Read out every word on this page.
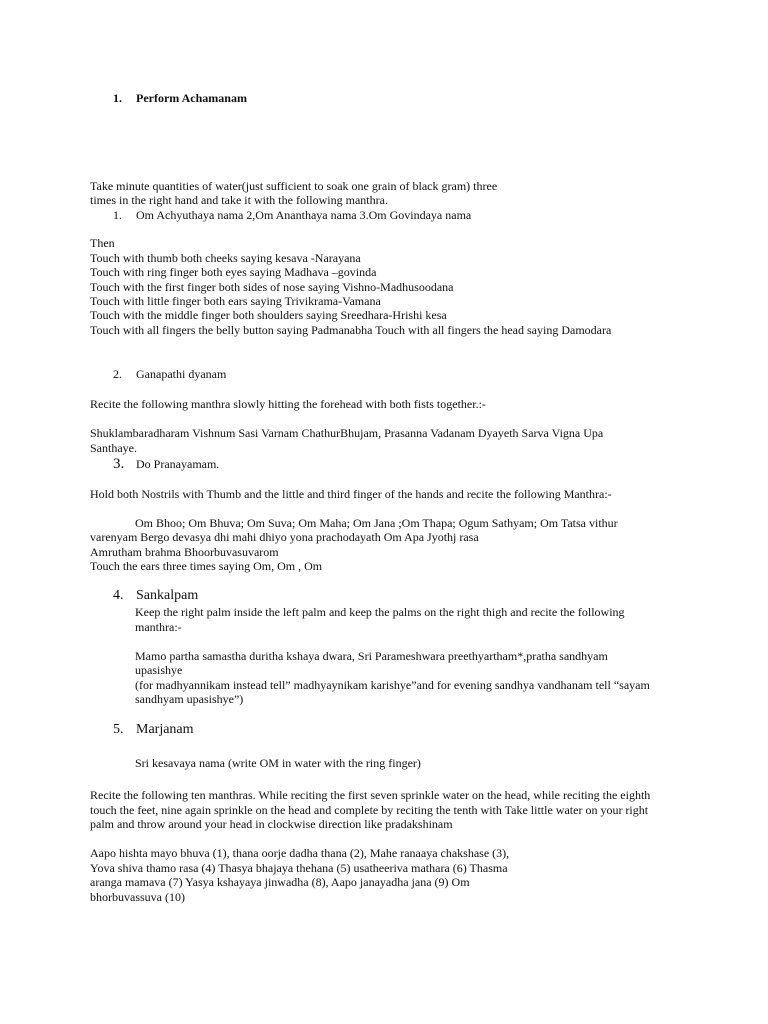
1. Perform Achamanam

Take minute quantities of water(just sufficient to soak one grain of black gram) three

times in the right hand and take it with the following manthra.

1. Om Achyuthaya nama 2,Om Ananthaya nama 3.Om Govindaya nama

Then

Touch with thumb both cheeks saying kesava -Narayana

Touch with ring finger both eyes saying Madhava –govinda

Touch with the first finger both sides of nose saying Vishno-Madhusoodana

Touch with little finger both ears saying Trivikrama-Vamana

Touch with the middle finger both shoulders saying Sreedhara-Hrishi kesa

Touch with all fingers the belly button saying Padmanabha Touch with all fingers the head saying Damodara

2. Ganapathi dyanam

Recite the following manthra slowly hitting the forehead with both fists together.:-

Shuklambaradharam Vishnum Sasi Varnam ChathurBhujam, Prasanna Vadanam Dyayeth Sarva Vigna Upa

Santhaye.

3. Do Pranayamam.

Hold both Nostrils with Thumb and the little and third finger of the hands and recite the following Manthra:-

Om Bhoo; Om Bhuva; Om Suva; Om Maha; Om Jana ;Om Thapa; Ogum Sathyam; Om Tatsa vithur

varenyam Bergo devasya dhi mahi dhiyo yona prachodayath Om Apa Jyothj rasa

Amrutham brahma Bhoorbuvasuvarom

Touch the ears three times saying Om, Om , Om

4. Sankalpam

Keep the right palm inside the left palm and keep the palms on the right thigh and recite the following

manthra:-

Mamo partha samastha duritha kshaya dwara, Sri Parameshwara preethyartham*,pratha sandhyam

upasishye

(for madhyannikam instead tell” madhyaynikam karishye”and for evening sandhya vandhanam tell “sayam

sandhyam upasishye”)

5. Marjanam

Sri kesavaya nama (write OM in water with the ring finger)

Recite the following ten manthras. While reciting the first seven sprinkle water on the head, while reciting the eighth

touch the feet, nine again sprinkle on the head and complete by reciting the tenth with Take little water on your right

palm and throw around your head in clockwise direction like pradakshinam

Aapo hishta mayo bhuva (1), thana oorje dadha thana (2), Mahe ranaaya chakshase (3),

Yova shiva thamo rasa (4) Thasya bhajaya thehana (5) usatheeriva mathara (6) Thasma

aranga mamava (7) Yasya kshayaya jinwadha (8), Aapo janayadha jana (9) Om

bhorbuvassuva (10)
